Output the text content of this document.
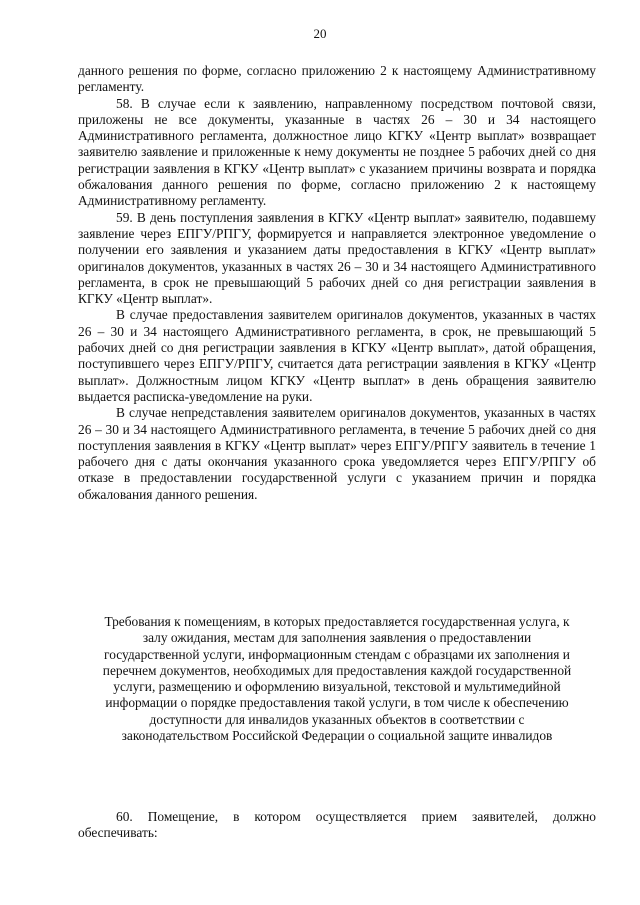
20

данного решения по форме, согласно приложению 2 к настоящему Административному регламенту.

58. В случае если к заявлению, направленному посредством почтовой связи, приложены не все документы, указанные в частях 26 – 30 и 34 настоящего Административного регламента, должностное лицо КГКУ «Центр выплат» возвращает заявителю заявление и приложенные к нему документы не позднее 5 рабочих дней со дня регистрации заявления в КГКУ «Центр выплат» с указанием причины возврата и порядка обжалования данного решения по форме, согласно приложению 2 к настоящему Административному регламенту.

59. В день поступления заявления в КГКУ «Центр выплат» заявителю, подавшему заявление через ЕПГУ/РПГУ, формируется и направляется электронное уведомление о получении его заявления и указанием даты предоставления в КГКУ «Центр выплат» оригиналов документов, указанных в частях 26 – 30 и 34 настоящего Административного регламента, в срок не превышающий 5 рабочих дней со дня регистрации заявления в КГКУ «Центр выплат».

В случае предоставления заявителем оригиналов документов, указанных в частях 26 – 30 и 34 настоящего Административного регламента, в срок, не превышающий 5 рабочих дней со дня регистрации заявления в КГКУ «Центр выплат», датой обращения, поступившего через ЕПГУ/РПГУ, считается дата регистрации заявления в КГКУ «Центр выплат». Должностным лицом КГКУ «Центр выплат» в день обращения заявителю выдается расписка-уведомление на руки.

В случае непредставления заявителем оригиналов документов, указанных в частях 26 – 30 и 34 настоящего Административного регламента, в течение 5 рабочих дней со дня поступления заявления в КГКУ «Центр выплат» через ЕПГУ/РПГУ заявитель в течение 1 рабочего дня с даты окончания указанного срока уведомляется через ЕПГУ/РПГУ об отказе в предоставлении государственной услуги с указанием причин и порядка обжалования данного решения.

Требования к помещениям, в которых предоставляется государственная услуга, к залу ожидания, местам для заполнения заявления о предоставлении государственной услуги, информационным стендам с образцами их заполнения и перечнем документов, необходимых для предоставления каждой государственной услуги, размещению и оформлению визуальной, текстовой и мультимедийной информации о порядке предоставления такой услуги, в том числе к обеспечению доступности для инвалидов указанных объектов в соответствии с законодательством Российской Федерации о социальной защите инвалидов

60. Помещение, в котором осуществляется прием заявителей, должно обеспечивать:
